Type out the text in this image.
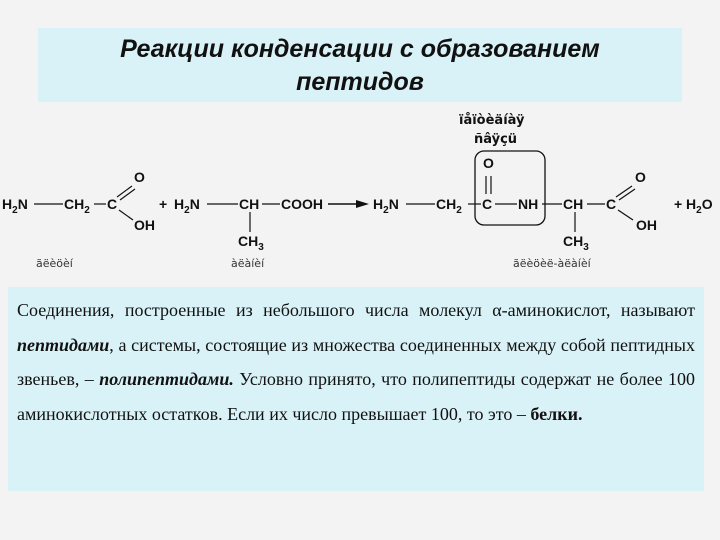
Реакции конденсации с образованием
пептидов
$H_2N$	$CH_2$ C
O
OH
ãëèöèí
+ $H_2N$	CH COOH
$CH_3$
àëàíèí
ïåïòèäíàÿ
ñâÿçü
$H_2N$	$CH_2$ C
O
NH CH
$CH_3$
C
O
OH
ãëèöèë-àëàíèí
+ $H_2O$

Соединения, построенные из небольшого числа молекул α-аминокислот, называют пептидами, а системы, состоящие из множества соединенных между собой пептидных звеньев, – полипептидами. Условно принято, что полипептиды содержат не более 100 аминокислотных остатков. Если их число превышает 100, то это – белки.
